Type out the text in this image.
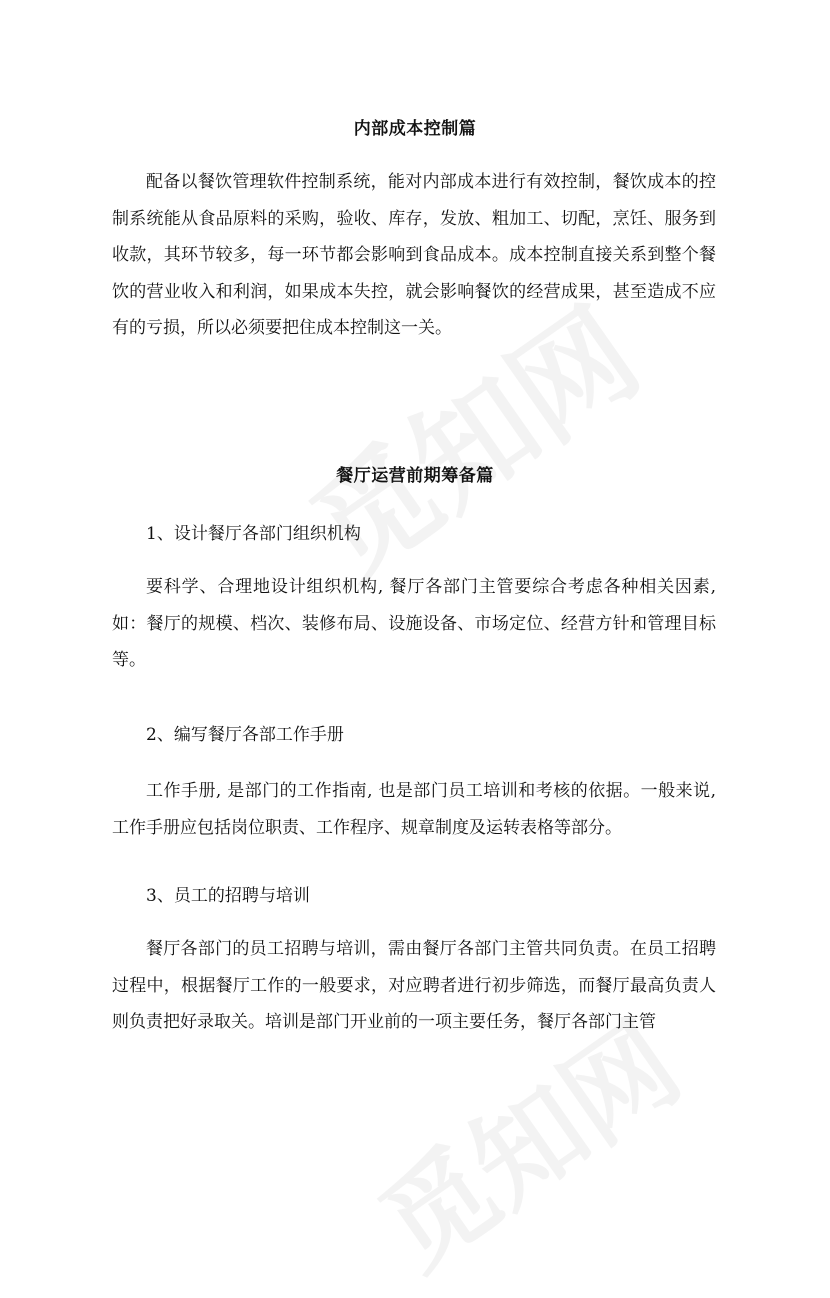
内部成本控制篇

配备以餐饮管理软件控制系统，能对内部成本进行有效控制，餐饮成本的控制系统能从食品原料的采购，验收、库存，发放、粗加工、切配，烹饪、服务到收款，其环节较多，每一环节都会影响到食品成本。成本控制直接关系到整个餐饮的营业收入和利润，如果成本失控，就会影响餐饮的经营成果，甚至造成不应有的亏损，所以必须要把住成本控制这一关。

餐厅运营前期筹备篇
1、设计餐厅各部门组织机构

要科学、合理地设计组织机构, 餐厅各部门主管要综合考虑各种相关因素, 如：餐厅的规模、档次、装修布局、设施设备、市场定位、经营方针和管理目标等。

2、编写餐厅各部工作手册

工作手册, 是部门的工作指南, 也是部门员工培训和考核的依据。一般来说, 工作手册应包括岗位职责、工作程序、规章制度及运转表格等部分。

3、员工的招聘与培训

餐厅各部门的员工招聘与培训，需由餐厅各部门主管共同负责。在员工招聘过程中，根据餐厅工作的一般要求，对应聘者进行初步筛选，而餐厅最高负责人则负责把好录取关。培训是部门开业前的一项主要任务，餐厅各部门主管
